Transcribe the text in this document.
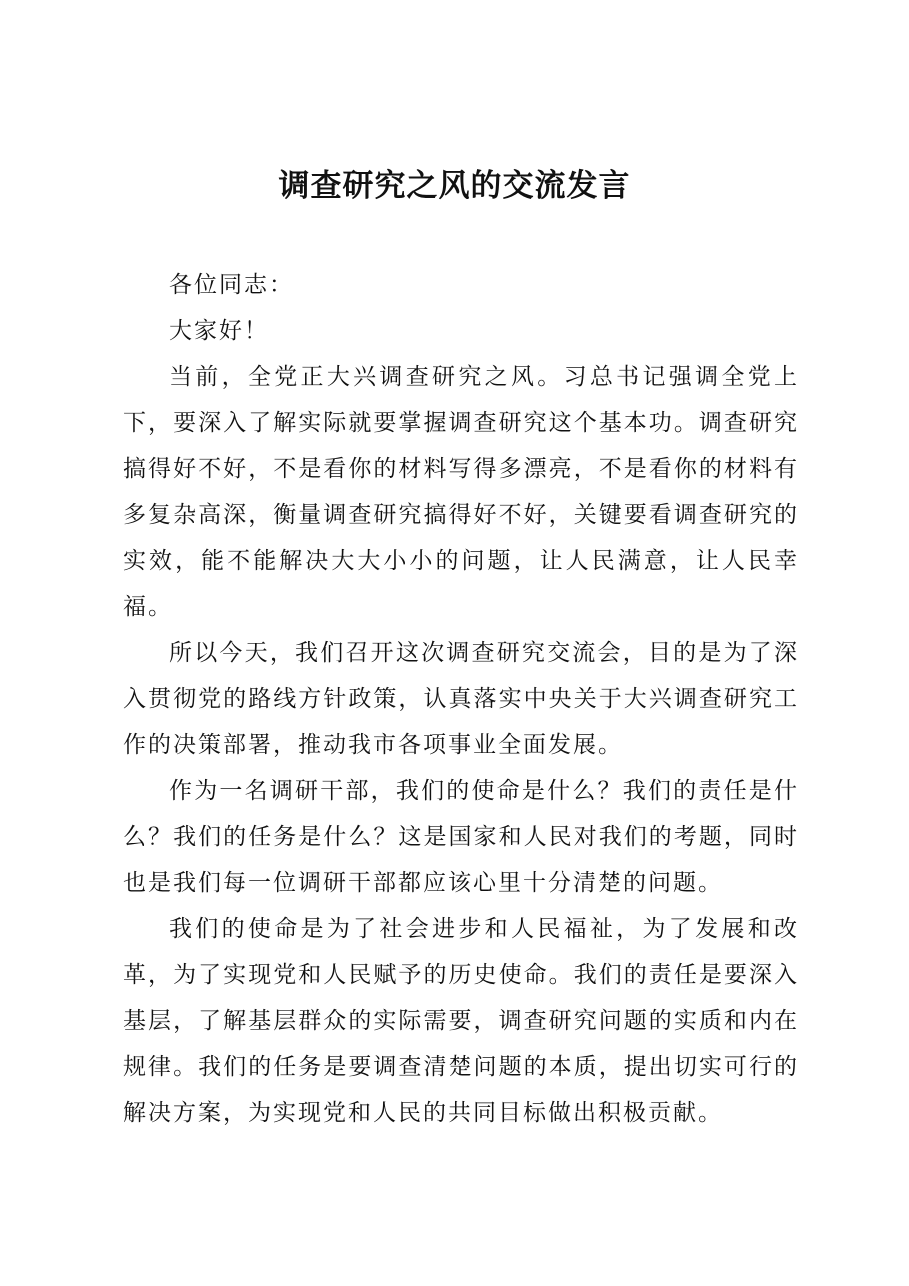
调查研究之风的交流发言

各位同志：

大家好！

当前，全党正大兴调查研究之风。习总书记强调全党上下，要深入了解实际就要掌握调查研究这个基本功。调查研究搞得好不好，不是看你的材料写得多漂亮，不是看你的材料有多复杂高深，衡量调查研究搞得好不好，关键要看调查研究的实效，能不能解决大大小小的问题，让人民满意，让人民幸福。

所以今天，我们召开这次调查研究交流会，目的是为了深入贯彻党的路线方针政策，认真落实中央关于大兴调查研究工作的决策部署，推动我市各项事业全面发展。

作为一名调研干部，我们的使命是什么？我们的责任是什么？我们的任务是什么？这是国家和人民对我们的考题，同时也是我们每一位调研干部都应该心里十分清楚的问题。

我们的使命是为了社会进步和人民福祉，为了发展和改革，为了实现党和人民赋予的历史使命。我们的责任是要深入基层，了解基层群众的实际需要，调查研究问题的实质和内在规律。我们的任务是要调查清楚问题的本质，提出切实可行的解决方案，为实现党和人民的共同目标做出积极贡献。
